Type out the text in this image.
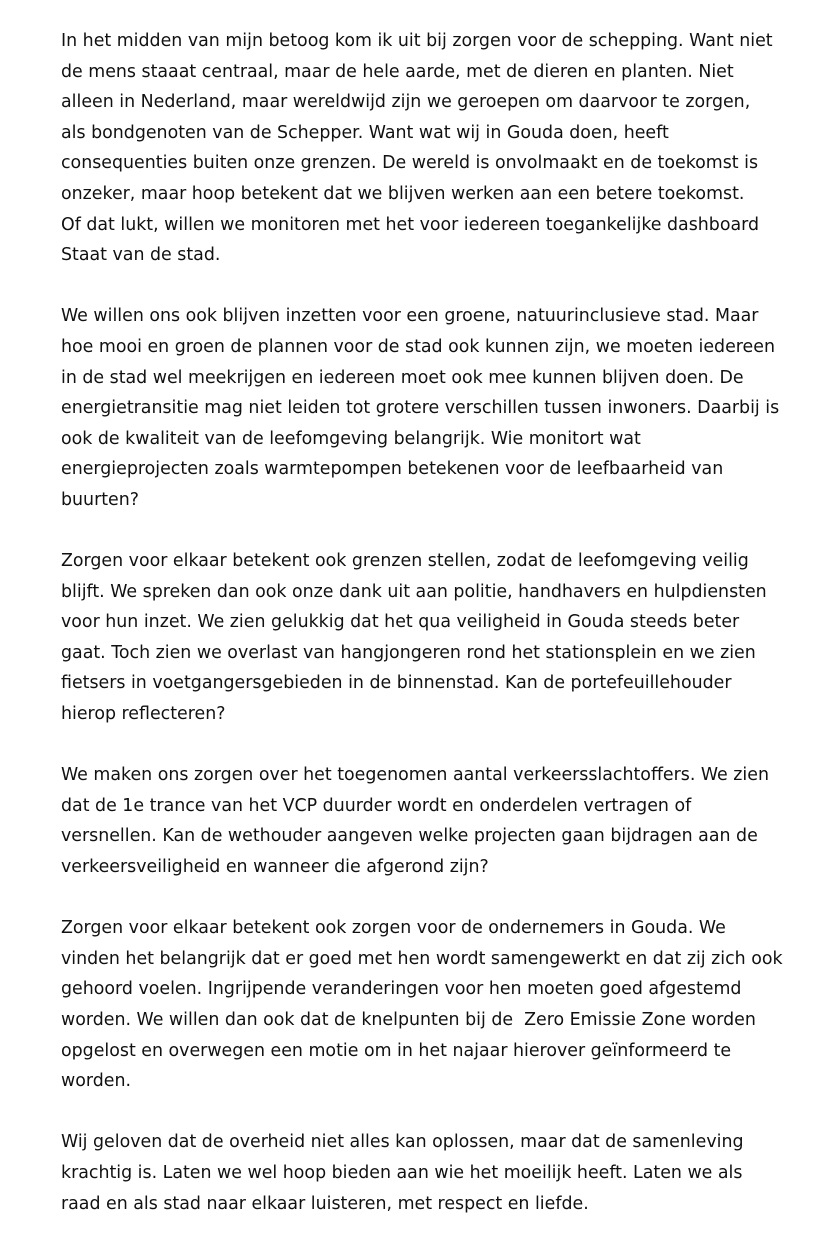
In het midden van mijn betoog kom ik uit bij zorgen voor de schepping. Want niet
de mens staaat centraal, maar de hele aarde, met de dieren en planten. Niet
alleen in Nederland, maar wereldwijd zijn we geroepen om daarvoor te zorgen,
als bondgenoten van de Schepper. Want wat wij in Gouda doen, heeft
consequenties buiten onze grenzen. De wereld is onvolmaakt en de toekomst is
onzeker, maar hoop betekent dat we blijven werken aan een betere toekomst.
Of dat lukt, willen we monitoren met het voor iedereen toegankelijke dashboard
Staat van de stad.

We willen ons ook blijven inzetten voor een groene, natuurinclusieve stad. Maar
hoe mooi en groen de plannen voor de stad ook kunnen zijn, we moeten iedereen
in de stad wel meekrijgen en iedereen moet ook mee kunnen blijven doen. De
energietransitie mag niet leiden tot grotere verschillen tussen inwoners. Daarbij is
ook de kwaliteit van de leefomgeving belangrijk. Wie monitort wat
energieprojecten zoals warmtepompen betekenen voor de leefbaarheid van
buurten?

Zorgen voor elkaar betekent ook grenzen stellen, zodat de leefomgeving veilig
blijft. We spreken dan ook onze dank uit aan politie, handhavers en hulpdiensten
voor hun inzet. We zien gelukkig dat het qua veiligheid in Gouda steeds beter
gaat. Toch zien we overlast van hangjongeren rond het stationsplein en we zien
fietsers in voetgangersgebieden in de binnenstad. Kan de portefeuillehouder
hierop reflecteren?

We maken ons zorgen over het toegenomen aantal verkeersslachtoffers. We zien
dat de 1e trance van het VCP duurder wordt en onderdelen vertragen of
versnellen. Kan de wethouder aangeven welke projecten gaan bijdragen aan de
verkeersveiligheid en wanneer die afgerond zijn?

Zorgen voor elkaar betekent ook zorgen voor de ondernemers in Gouda. We
vinden het belangrijk dat er goed met hen wordt samengewerkt en dat zij zich ook
gehoord voelen. Ingrijpende veranderingen voor hen moeten goed afgestemd
worden. We willen dan ook dat de knelpunten bij de  Zero Emissie Zone worden
opgelost en overwegen een motie om in het najaar hierover geïnformeerd te
worden.

Wij geloven dat de overheid niet alles kan oplossen, maar dat de samenleving
krachtig is. Laten we wel hoop bieden aan wie het moeilijk heeft. Laten we als
raad en als stad naar elkaar luisteren, met respect en liefde.
